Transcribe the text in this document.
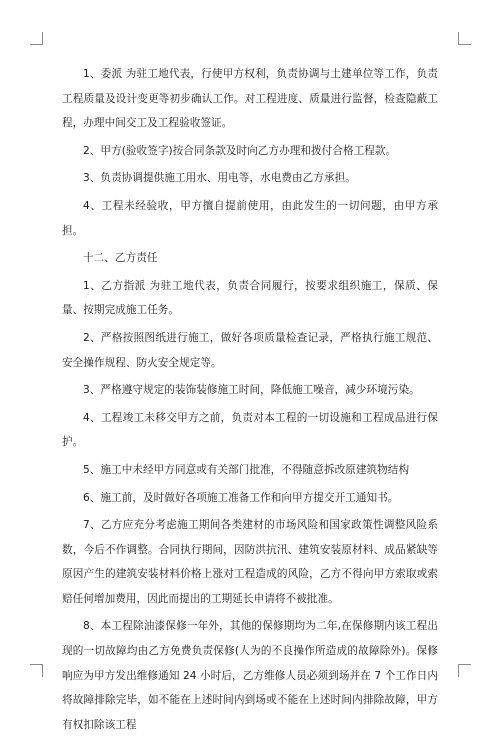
1、委派 为驻工地代表，行使甲方权利，负责协调与土建单位等工作，负责工程质量及设计变更等初步确认工作。对工程进度、质量进行监督，检查隐蔽工程，办理中间交工及工程验收签证。

2、甲方(验收签字)按合同条款及时向乙方办理和拨付合格工程款。

3、负责协调提供施工用水、用电等，水电费由乙方承担。

4、工程未经验收，甲方擅自提前使用，由此发生的一切问题，由甲方承担。

十二、乙方责任

1、乙方指派 为驻工地代表，负责合同履行，按要求组织施工，保质、保量、按期完成施工任务。

2、严格按照图纸进行施工，做好各项质量检查记录，严格执行施工规范、安全操作规程、防火安全规定等。

3、严格遵守规定的装饰装修施工时间，降低施工噪音，减少环境污染。

4、工程竣工未移交甲方之前，负责对本工程的一切设施和工程成品进行保护。

5、施工中未经甲方同意或有关部门批准，不得随意拆改原建筑物结构

6、施工前，及时做好各项施工准备工作和向甲方提交开工通知书。

7、乙方应充分考虑施工期间各类建材的市场风险和国家政策性调整风险系数，今后不作调整。合同执行期间，因防洪抗汛、建筑安装原材料、成品紧缺等原因产生的建筑安装材料价格上涨对工程造成的风险，乙方不得向甲方索取或索赔任何增加费用，因此而提出的工期延长申请将不被批准。

8、本工程除油漆保修一年外，其他的保修期均为二年,在保修期内该工程出现的一切故障均由乙方免费负责保修(人为的不良操作所造成的故障除外)。保修响应为甲方发出维修通知 24 小时后，乙方维修人员必须到场并在 7 个工作日内将故障排除完毕，如不能在上述时间内到场或不能在上述时间内排除故障，甲方有权扣除该工程
